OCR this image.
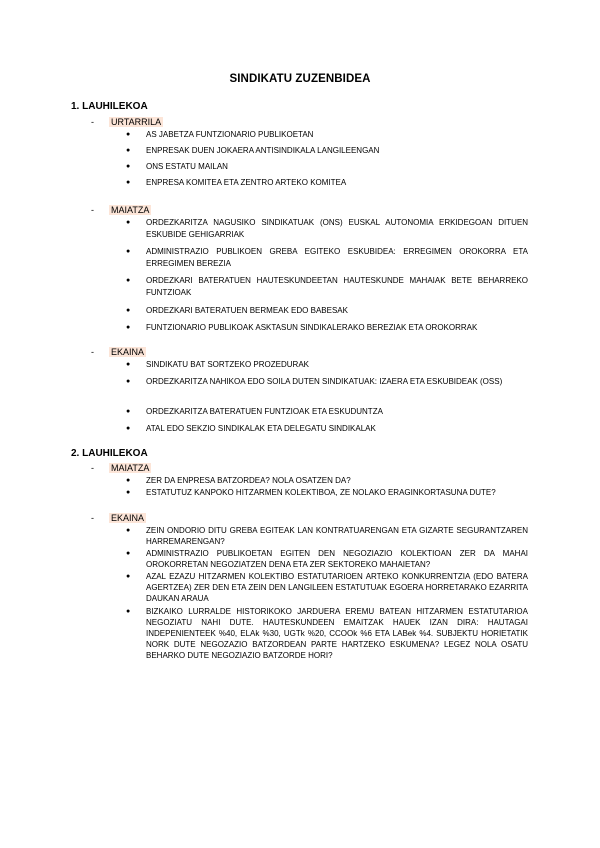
SINDIKATU ZUZENBIDEA
1. LAUHILEKOA
- URTARRILA
●	AS JABETZA FUNTZIONARIO PUBLIKOETAN
●	ENPRESAK DUEN JOKAERA ANTISINDIKALA LANGILEENGAN
●	ONS ESTATU MAILAN
●	ENPRESA KOMITEA ETA ZENTRO ARTEKO KOMITEA
- MAIATZA
●	ORDEZKARITZA NAGUSIKO SINDIKATUAK (ONS) EUSKAL AUTONOMIA ERKIDEGOAN DITUEN ESKUBIDE GEHIGARRIAK
●	ADMINISTRAZIO PUBLIKOEN GREBA EGITEKO ESKUBIDEA: ERREGIMEN OROKORRA ETA ERREGIMEN BEREZIA
●	ORDEZKARI BATERATUEN HAUTESKUNDEETAN HAUTESKUNDE MAHAIAK BETE BEHARREKO FUNTZIOAK
●	ORDEZKARI BATERATUEN BERMEAK EDO BABESAK
●	FUNTZIONARIO PUBLIKOAK ASKTASUN SINDIKALERAKO BEREZIAK ETA OROKORRAK
- EKAINA
●	SINDIKATU BAT SORTZEKO PROZEDURAK
●	ORDEZKARITZA NAHIKOA EDO SOILA DUTEN SINDIKATUAK: IZAERA ETA ESKUBIDEAK (OSS)
●	ORDEZKARITZA BATERATUEN FUNTZIOAK ETA ESKUDUNTZA
●	ATAL EDO SEKZIO SINDIKALAK ETA DELEGATU SINDIKALAK
2. LAUHILEKOA
- MAIATZA
●	ZER DA ENPRESA BATZORDEA? NOLA OSATZEN DA?
●	ESTATUTUZ KANPOKO HITZARMEN KOLEKTIBOA, ZE NOLAKO ERAGINKORTASUNA DUTE?
- EKAINA
●	ZEIN ONDORIO DITU GREBA EGITEAK LAN KONTRATUARENGAN ETA GIZARTE SEGURANTZAREN HARREMARENGAN?
●	ADMINISTRAZIO PUBLIKOETAN EGITEN DEN NEGOZIAZIO KOLEKTIOAN ZER DA MAHAI OROKORRETAN NEGOZIATZEN DENA ETA ZER SEKTOREKO MAHAIETAN?
●	AZAL EZAZU HITZARMEN KOLEKTIBO ESTATUTARIOEN ARTEKO KONKURRENTZIA (EDO BATERA AGERTZEA) ZER DEN ETA ZEIN DEN LANGILEEN ESTATUTUAK EGOERA HORRETARAKO EZARRITA DAUKAN ARAUA
●	BIZKAIKO LURRALDE HISTORIKOKO JARDUERA EREMU BATEAN HITZARMEN ESTATUTARIOA NEGOZIATU NAHI DUTE. HAUTESKUNDEEN EMAITZAK HAUEK IZAN DIRA: HAUTAGAI INDEPENIENTEEK %40, ELAk %30, UGTk %20, CCOOk %6 ETA LABek %4. SUBJEKTU HORIETATIK NORK DUTE NEGOZAZIO BATZORDEAN PARTE HARTZEKO ESKUMENA? LEGEZ NOLA OSATU BEHARKO DUTE NEGOZIAZIO BATZORDE HORI?
